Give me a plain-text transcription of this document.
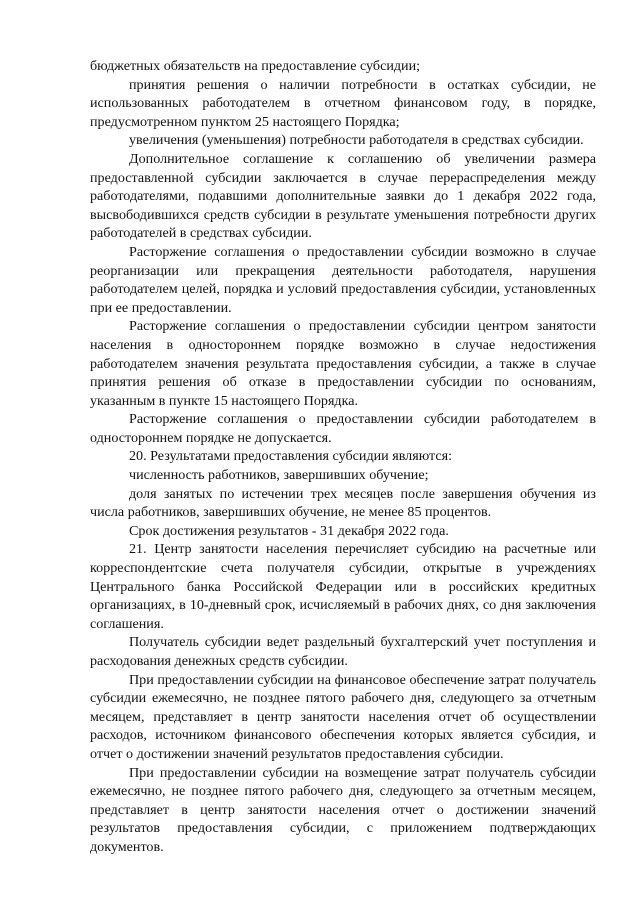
бюджетных обязательств на предоставление субсидии;

принятия решения о наличии потребности в остатках субсидии, не использованных работодателем в отчетном финансовом году, в порядке, предусмотренном пунктом 25 настоящего Порядка;

увеличения (уменьшения) потребности работодателя в средствах субсидии.

Дополнительное соглашение к соглашению об увеличении размера предоставленной субсидии заключается в случае перераспределения между работодателями, подавшими дополнительные заявки до 1 декабря 2022 года, высвободившихся средств субсидии в результате уменьшения потребности других работодателей в средствах субсидии.

Расторжение соглашения о предоставлении субсидии возможно в случае реорганизации или прекращения деятельности работодателя, нарушения работодателем целей, порядка и условий предоставления субсидии, установленных при ее предоставлении.

Расторжение соглашения о предоставлении субсидии центром занятости населения в одностороннем порядке возможно в случае недостижения работодателем значения результата предоставления субсидии, а также в случае принятия решения об отказе в предоставлении субсидии по основаниям, указанным в пункте 15 настоящего Порядка.

Расторжение соглашения о предоставлении субсидии работодателем в одностороннем порядке не допускается.

20. Результатами предоставления субсидии являются:

численность работников, завершивших обучение;

доля занятых по истечении трех месяцев после завершения обучения из числа работников, завершивших обучение, не менее 85 процентов.

Срок достижения результатов - 31 декабря 2022 года.

21. Центр занятости населения перечисляет субсидию на расчетные или корреспондентские счета получателя субсидии, открытые в учреждениях Центрального банка Российской Федерации или в российских кредитных организациях, в 10-дневный срок, исчисляемый в рабочих днях, со дня заключения соглашения.

Получатель субсидии ведет раздельный бухгалтерский учет поступления и расходования денежных средств субсидии.

При предоставлении субсидии на финансовое обеспечение затрат получатель субсидии ежемесячно, не позднее пятого рабочего дня, следующего за отчетным месяцем, представляет в центр занятости населения отчет об осуществлении расходов, источником финансового обеспечения которых является субсидия, и отчет о достижении значений результатов предоставления субсидии.

При предоставлении субсидии на возмещение затрат получатель субсидии ежемесячно, не позднее пятого рабочего дня, следующего за отчетным месяцем, представляет в центр занятости населения отчет о достижении значений результатов предоставления субсидии, с приложением подтверждающих документов.
